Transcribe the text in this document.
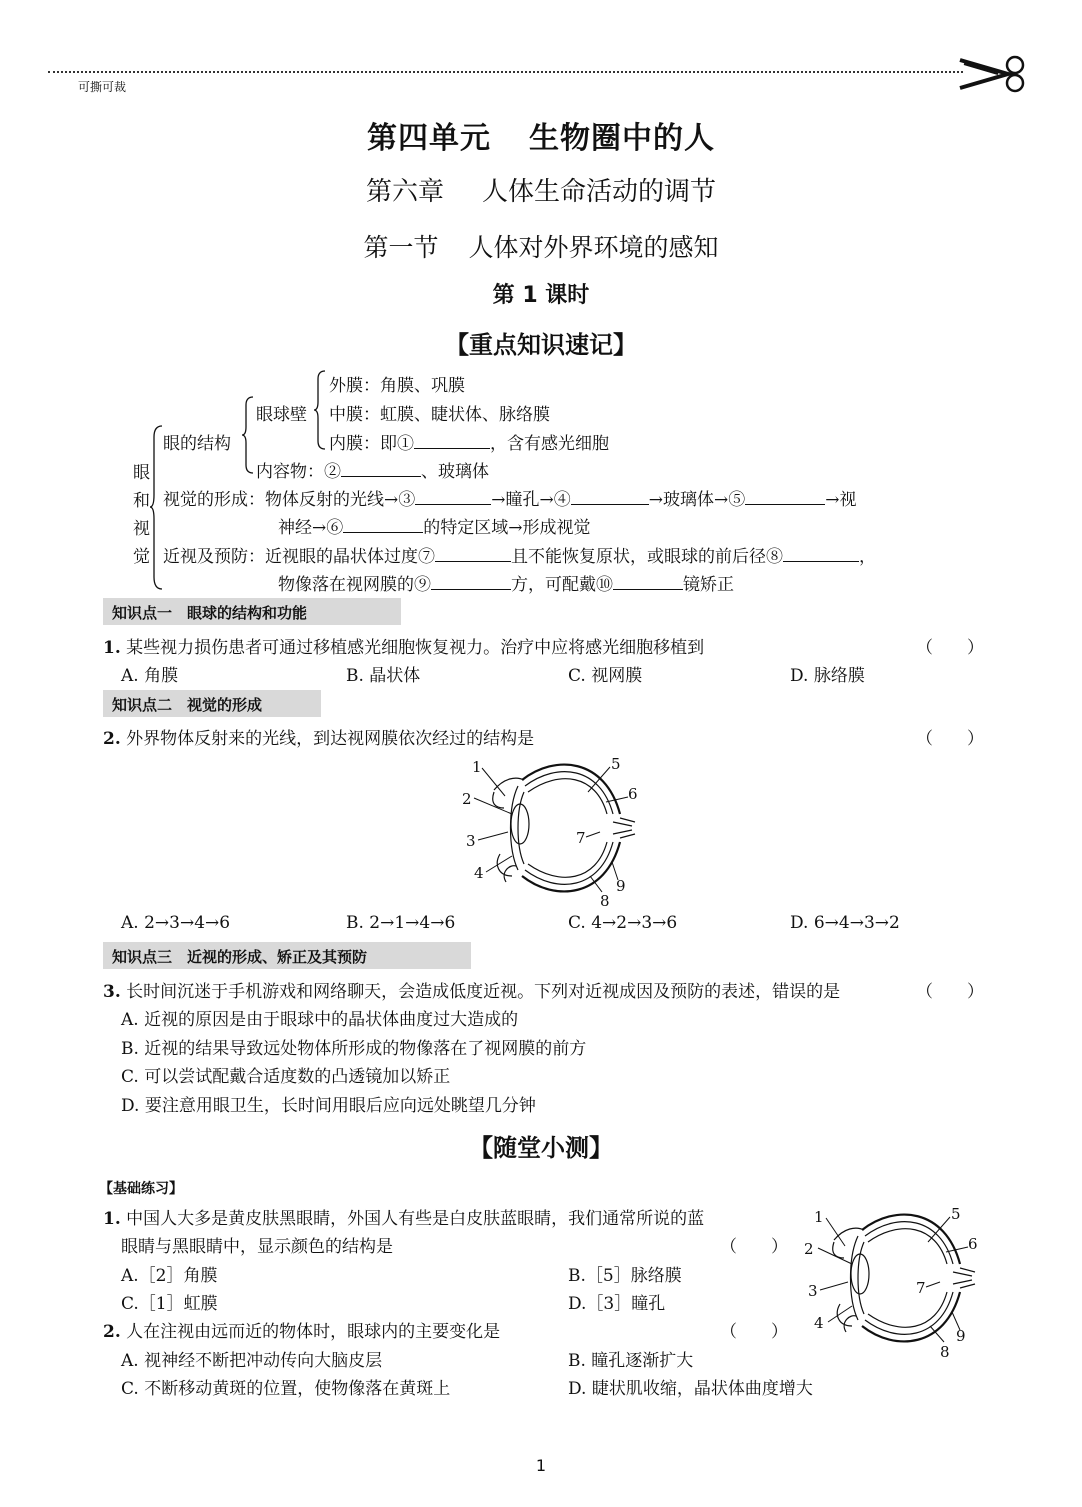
可撕可裁
第四单元 生物圈中的人
第六章 人体生命活动的调节
第一节 人体对外界环境的感知
第 1 课时
【重点知识速记】
眼
和
视
觉
眼的结构
眼球壁
外膜：角膜、巩膜
中膜：虹膜、睫状体、脉络膜
内膜：即①	，含有感光细胞
内容物：②	、玻璃体
视觉的形成：物体反射的光线→③	→瞳孔→④	→玻璃体→⑤	→视
神经→⑥	的特定区域→形成视觉
近视及预防：近视眼的晶状体过度⑦	且不能恢复原状，或眼球的前后径⑧	，
物像落在视网膜的⑨	方，可配戴⑩	镜矫正
知识点一　眼球的结构和功能
1. 某些视力损伤患者可通过移植感光细胞恢复视力。治疗中应将感光细胞移植到	（　　）
A. 角膜	B. 晶状体	C. 视网膜	D. 脉络膜
知识点二　视觉的形成
2. 外界物体反射来的光线，到达视网膜依次经过的结构是	（　　）
1
2
3
4
5
6
7
8
9
A. 2→3→4→6	B. 2→1→4→6	C. 4→2→3→6	D. 6→4→3→2
知识点三　近视的形成、矫正及其预防
3. 长时间沉迷于手机游戏和网络聊天，会造成低度近视。下列对近视成因及预防的表述，错误的是	（　　）
A. 近视的原因是由于眼球中的晶状体曲度过大造成的
B. 近视的结果导致远处物体所形成的物像落在了视网膜的前方
C. 可以尝试配戴合适度数的凸透镜加以矫正
D. 要注意用眼卫生，长时间用眼后应向远处眺望几分钟
【随堂小测】
【基础练习】
1. 中国人大多是黄皮肤黑眼睛，外国人有些是白皮肤蓝眼睛，我们通常所说的蓝
眼睛与黑眼睛中，显示颜色的结构是	（　　）
A.［2］角膜	B.［5］脉络膜
C.［1］虹膜	D.［3］瞳孔
2. 人在注视由远而近的物体时，眼球内的主要变化是	（　　）
A. 视神经不断把冲动传向大脑皮层	B. 瞳孔逐渐扩大
C. 不断移动黄斑的位置，使物像落在黄斑上	D. 睫状肌收缩，晶状体曲度增大
1
2
3
4
5
6
7
8
9
1
